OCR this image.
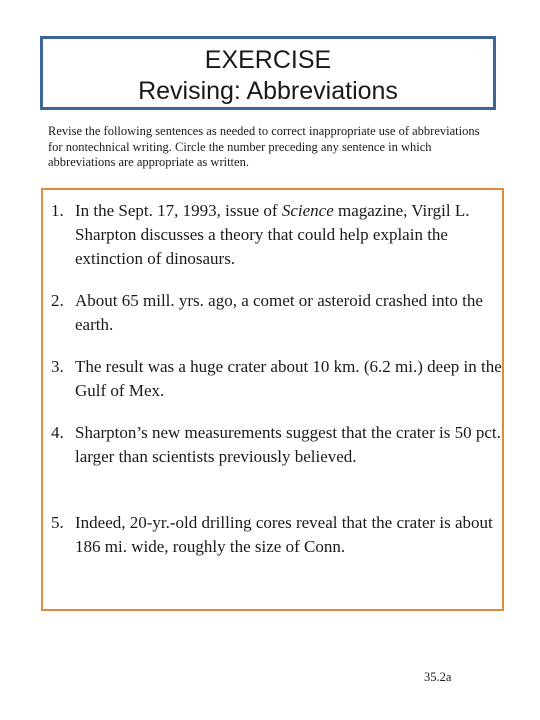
EXERCISE
Revising: Abbreviations
Revise the following sentences as needed to correct inappropriate use of abbreviations for nontechnical writing. Circle the number preceding any sentence in which abbreviations are appropriate as written.
1. In the Sept. 17, 1993, issue of Science magazine, Virgil L. Sharpton discusses a theory that could help explain the extinction of dinosaurs.
2. About 65 mill. yrs. ago, a comet or asteroid crashed into the earth.
3. The result was a huge crater about 10 km. (6.2 mi.) deep in the Gulf of Mex.
4. Sharpton’s new measurements suggest that the crater is 50 pct. larger than scientists previously believed.
5. Indeed, 20-yr.-old drilling cores reveal that the crater is about 186 mi. wide, roughly the size of Conn.
35.2a
